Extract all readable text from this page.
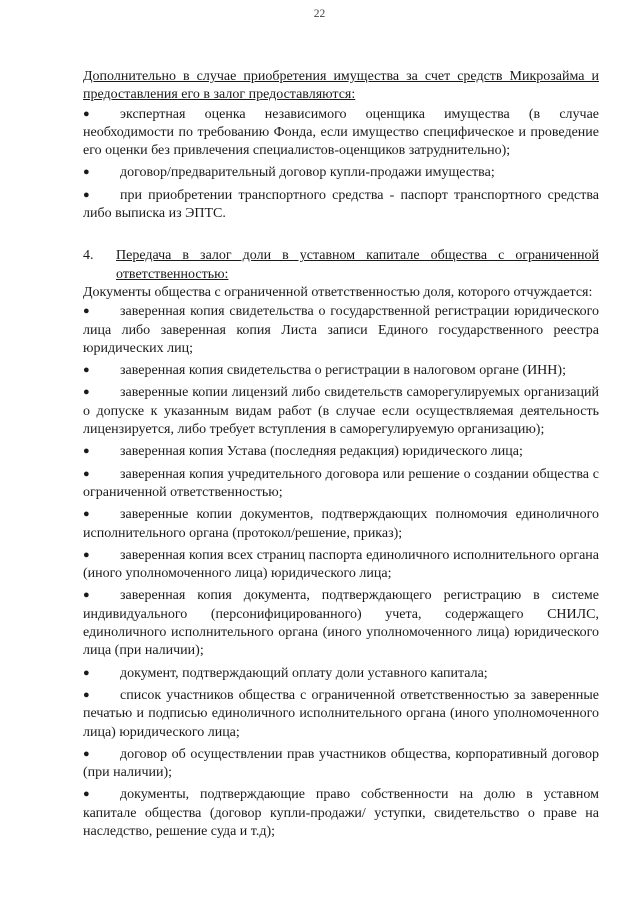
22

Дополнительно в случае приобретения имущества за счет средств Микрозайма и предоставления его в залог предоставляются:

● экспертная оценка независимого оценщика имущества (в случае необходимости по требованию Фонда, если имущество специфическое и проведение его оценки без привлечения специалистов-оценщиков затруднительно);

● договор/предварительный договор купли-продажи имущества;

● при приобретении транспортного средства - паспорт транспортного средства либо выписка из ЭПТС.

4.	Передача в залог доли в уставном капитале общества с ограниченной ответственностью:

Документы общества с ограниченной ответственностью доля, которого отчуждается:

● заверенная копия свидетельства о государственной регистрации юридического лица либо заверенная копия Листа записи Единого государственного реестра юридических лиц;

● заверенная копия свидетельства о регистрации в налоговом органе (ИНН);

● заверенные копии лицензий либо свидетельств саморегулируемых организаций о допуске к указанным видам работ (в случае если осуществляемая деятельность лицензируется, либо требует вступления в саморегулируемую организацию);

● заверенная копия Устава (последняя редакция) юридического лица;

● заверенная копия учредительного договора или решение о создании общества с ограниченной ответственностью;

● заверенные копии документов, подтверждающих полномочия единоличного исполнительного органа (протокол/решение, приказ);

● заверенная копия всех страниц паспорта единоличного исполнительного органа (иного уполномоченного лица) юридического лица;

● заверенная копия документа, подтверждающего регистрацию в системе индивидуального (персонифицированного) учета, содержащего СНИЛС, единоличного исполнительного органа (иного уполномоченного лица) юридического лица (при наличии);

● документ, подтверждающий оплату доли уставного капитала;

● список участников общества с ограниченной ответственностью за заверенные печатью и подписью единоличного исполнительного органа (иного уполномоченного лица) юридического лица;

● договор об осуществлении прав участников общества, корпоративный договор (при наличии);

● документы, подтверждающие право собственности на долю в уставном капитале общества (договор купли-продажи/ уступки, свидетельство о праве на наследство, решение суда и т.д);
